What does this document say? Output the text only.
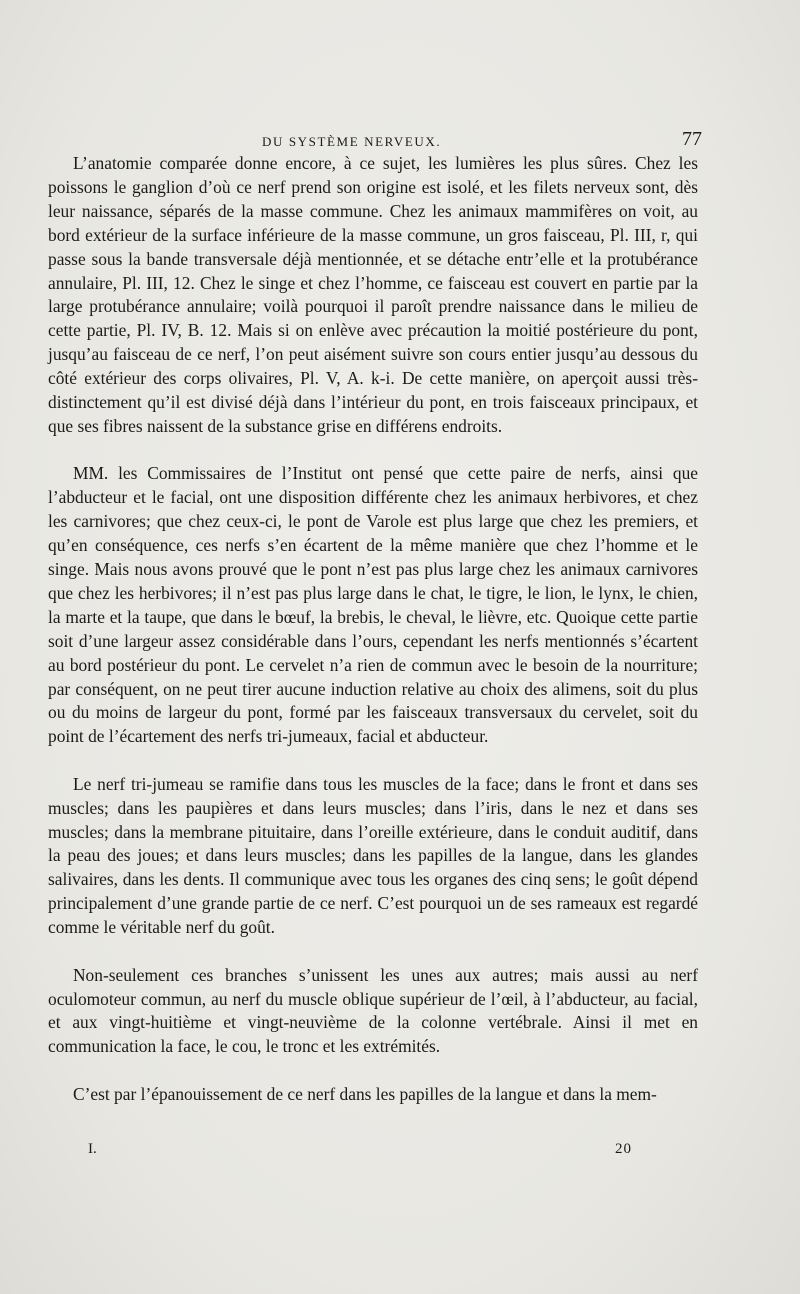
DU SYSTÈME NERVEUX.	77

L’anatomie comparée donne encore, à ce sujet, les lumières les plus sûres. Chez les poissons le ganglion d’où ce nerf prend son origine est isolé, et les filets nerveux sont, dès leur naissance, séparés de la masse commune. Chez les animaux mammifères on voit, au bord extérieur de la surface inférieure de la masse commune, un gros faisceau, Pl. III, r, qui passe sous la bande transversale déjà mentionnée, et se détache entr’elle et la protubérance annulaire, Pl. III, 12. Chez le singe et chez l’homme, ce faisceau est couvert en partie par la large protubérance annulaire; voilà pourquoi il paroît prendre naissance dans le milieu de cette partie, Pl. IV, B. 12. Mais si on enlève avec précaution la moitié postérieure du pont, jusqu’au faisceau de ce nerf, l’on peut aisément suivre son cours entier jusqu’au dessous du côté extérieur des corps olivaires, Pl. V, A. k-i. De cette manière, on aperçoit aussi très-distinctement qu’il est divisé déjà dans l’intérieur du pont, en trois faisceaux principaux, et que ses fibres naissent de la substance grise en différens endroits.

MM. les Commissaires de l’Institut ont pensé que cette paire de nerfs, ainsi que l’abducteur et le facial, ont une disposition différente chez les animaux herbivores, et chez les carnivores; que chez ceux-ci, le pont de Varole est plus large que chez les premiers, et qu’en conséquence, ces nerfs s’en écartent de la même manière que chez l’homme et le singe. Mais nous avons prouvé que le pont n’est pas plus large chez les animaux carnivores que chez les herbivores; il n’est pas plus large dans le chat, le tigre, le lion, le lynx, le chien, la marte et la taupe, que dans le bœuf, la brebis, le cheval, le lièvre, etc. Quoique cette partie soit d’une largeur assez considérable dans l’ours, cependant les nerfs mentionnés s’écartent au bord postérieur du pont. Le cervelet n’a rien de commun avec le besoin de la nourriture; par conséquent, on ne peut tirer aucune induction relative au choix des alimens, soit du plus ou du moins de largeur du pont, formé par les faisceaux transversaux du cervelet, soit du point de l’écartement des nerfs tri-jumeaux, facial et abducteur.

Le nerf tri-jumeau se ramifie dans tous les muscles de la face; dans le front et dans ses muscles; dans les paupières et dans leurs muscles; dans l’iris, dans le nez et dans ses muscles; dans la membrane pituitaire, dans l’oreille extérieure, dans le conduit auditif, dans la peau des joues; et dans leurs muscles; dans les papilles de la langue, dans les glandes salivaires, dans les dents. Il communique avec tous les organes des cinq sens; le goût dépend principalement d’une grande partie de ce nerf. C’est pourquoi un de ses rameaux est regardé comme le véritable nerf du goût.

Non-seulement ces branches s’unissent les unes aux autres; mais aussi au nerf oculomoteur commun, au nerf du muscle oblique supérieur de l’œil, à l’abducteur, au facial, et aux vingt-huitième et vingt-neuvième de la colonne vertébrale. Ainsi il met en communication la face, le cou, le tronc et les extrémités.

C’est par l’épanouissement de ce nerf dans les papilles de la langue et dans la mem-

I.	20
